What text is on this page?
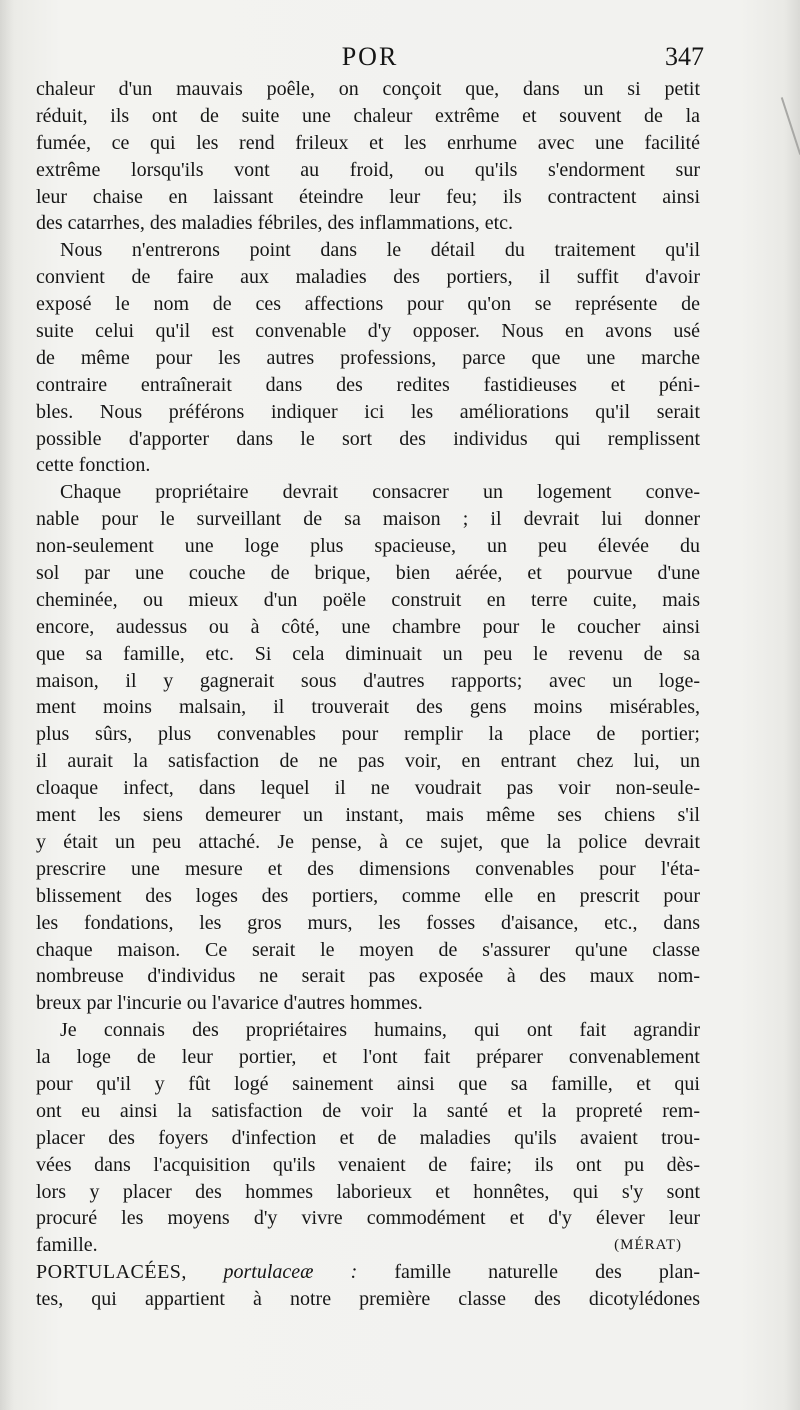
POR	347
chaleur d'un mauvais poêle, on conçoit que, dans un si petit
réduit, ils ont de suite une chaleur extrême et souvent de la
fumée, ce qui les rend frileux et les enrhume avec une facilité
extrême lorsqu'ils vont au froid, ou qu'ils s'endorment sur
leur chaise en laissant éteindre leur feu; ils contractent ainsi
des catarrhes, des maladies fébriles, des inflammations, etc.
Nous n'entrerons point dans le détail du traitement qu'il
convient de faire aux maladies des portiers, il suffit d'avoir
exposé le nom de ces affections pour qu'on se représente de
suite celui qu'il est convenable d'y opposer. Nous en avons usé
de même pour les autres professions, parce que une marche
contraire entraînerait dans des redites fastidieuses et péni-
bles. Nous préférons indiquer ici les améliorations qu'il serait
possible d'apporter dans le sort des individus qui remplissent
cette fonction.
Chaque propriétaire devrait consacrer un logement conve-
nable pour le surveillant de sa maison ; il devrait lui donner
non-seulement une loge plus spacieuse, un peu élevée du
sol par une couche de brique, bien aérée, et pourvue d'une
cheminée, ou mieux d'un poële construit en terre cuite, mais
encore, audessus ou à côté, une chambre pour le coucher ainsi
que sa famille, etc. Si cela diminuait un peu le revenu de sa
maison, il y gagnerait sous d'autres rapports; avec un loge-
ment moins malsain, il trouverait des gens moins misérables,
plus sûrs, plus convenables pour remplir la place de portier;
il aurait la satisfaction de ne pas voir, en entrant chez lui, un
cloaque infect, dans lequel il ne voudrait pas voir non-seule-
ment les siens demeurer un instant, mais même ses chiens s'il
y était un peu attaché. Je pense, à ce sujet, que la police devrait
prescrire une mesure et des dimensions convenables pour l'éta-
blissement des loges des portiers, comme elle en prescrit pour
les fondations, les gros murs, les fosses d'aisance, etc., dans
chaque maison. Ce serait le moyen de s'assurer qu'une classe
nombreuse d'individus ne serait pas exposée à des maux nom-
breux par l'incurie ou l'avarice d'autres hommes.
Je connais des propriétaires humains, qui ont fait agrandir
la loge de leur portier, et l'ont fait préparer convenablement
pour qu'il y fût logé sainement ainsi que sa famille, et qui
ont eu ainsi la satisfaction de voir la santé et la propreté rem-
placer des foyers d'infection et de maladies qu'ils avaient trou-
vées dans l'acquisition qu'ils venaient de faire; ils ont pu dès-
lors y placer des hommes laborieux et honnêtes, qui s'y sont
procuré les moyens d'y vivre commodément et d'y élever leur
famille.	(MÉRAT)
PORTULACÉES, portulaceæ : famille naturelle des plan-
tes, qui appartient à notre première classe des dicotylédones
